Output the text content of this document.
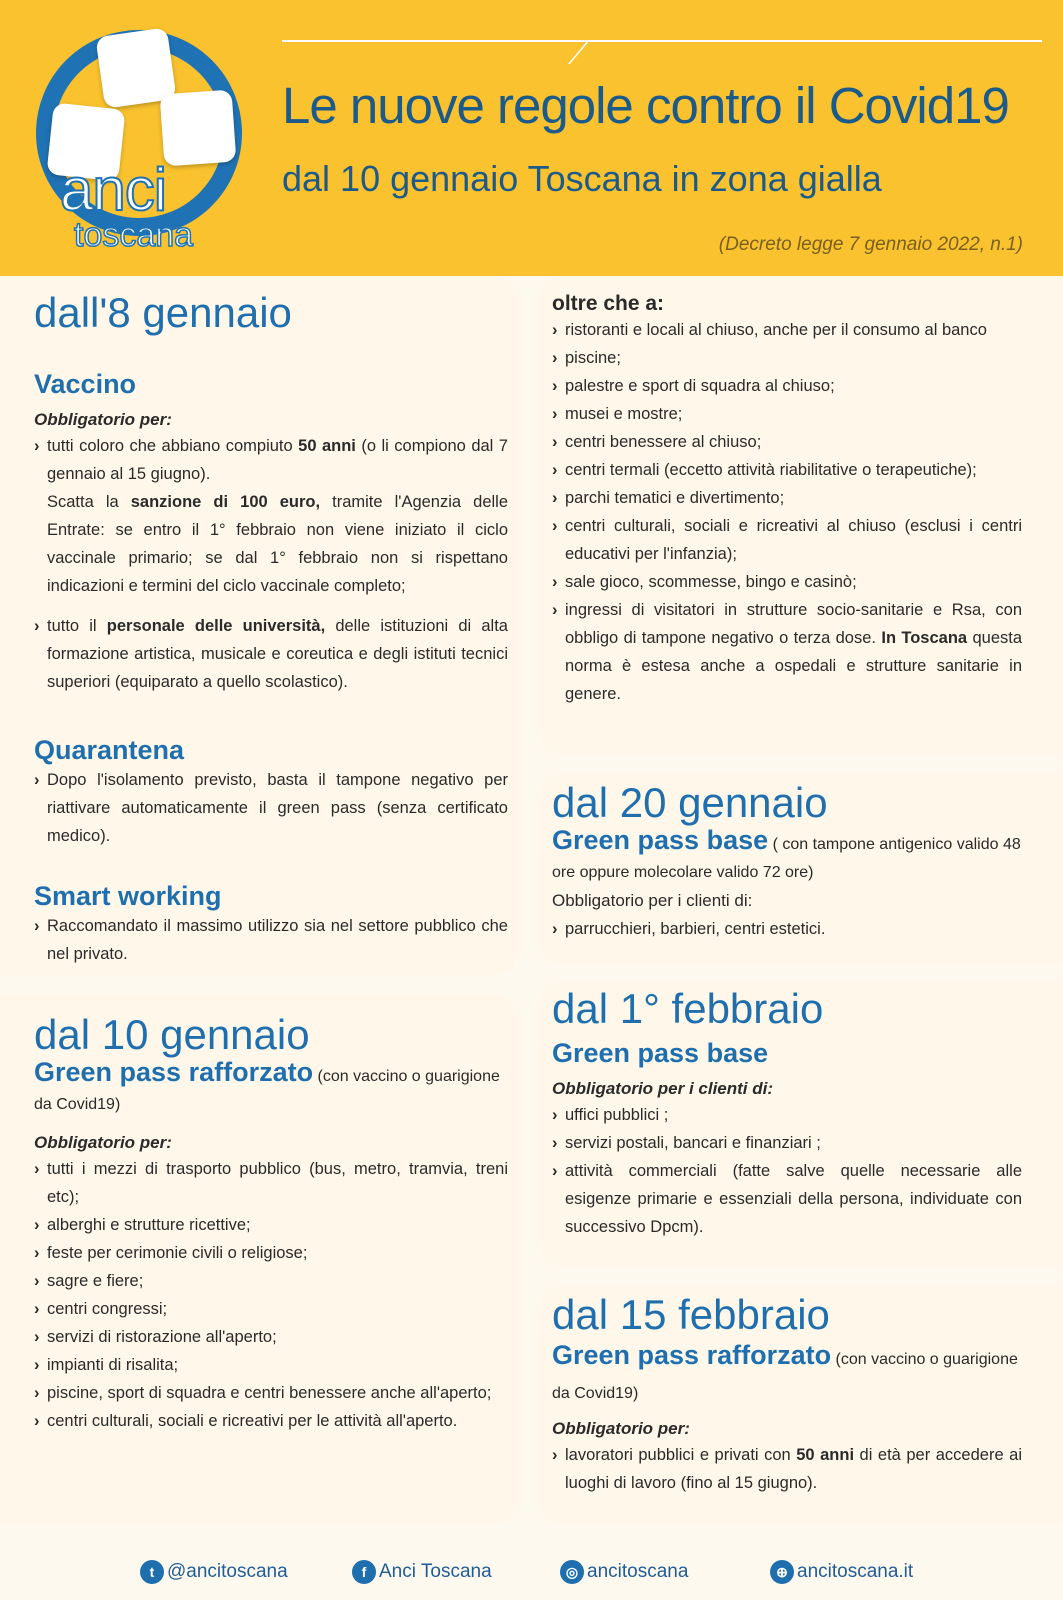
anci
toscana
Le nuove regole contro il Covid19
dal 10 gennaio Toscana in zona gialla
(Decreto legge 7 gennaio 2022, n.1)
dall'8 gennaio
Vaccino
Obbligatorio per:
› tutti coloro che abbiano compiuto 50 anni (o li compiono dal 7 gennaio al 15 giugno).
Scatta la sanzione di 100 euro, tramite l'Agenzia delle Entrate: se entro il 1° febbraio non viene iniziato il ciclo vaccinale primario; se dal 1° febbraio non si rispettano indicazioni e termini del ciclo vaccinale completo;
› tutto il personale delle università, delle istituzioni di alta formazione artistica, musicale e coreutica e degli istituti tecnici superiori (equiparato a quello scolastico).
Quarantena
› Dopo l'isolamento previsto, basta il tampone negativo per riattivare automaticamente il green pass (senza certificato medico).
Smart working
› Raccomandato il massimo utilizzo sia nel settore pubblico che nel privato.
dal 10 gennaio
Green pass rafforzato (con vaccino o guarigione da Covid19)
Obbligatorio per:
› tutti i mezzi di trasporto pubblico (bus, metro, tramvia, treni etc);
› alberghi e strutture ricettive;
› feste per cerimonie civili o religiose;
› sagre e fiere;
› centri congressi;
› servizi di ristorazione all'aperto;
› impianti di risalita;
› piscine, sport di squadra e centri benessere anche all'aperto;
› centri culturali, sociali e ricreativi per le attività all'aperto.
oltre che a:
› ristoranti e locali al chiuso, anche per il consumo al banco
› piscine;
› palestre e sport di squadra al chiuso;
› musei e mostre;
› centri benessere al chiuso;
› centri termali (eccetto attività riabilitative o terapeutiche);
› parchi tematici e divertimento;
› centri culturali, sociali e ricreativi al chiuso (esclusi i centri educativi per l'infanzia);
› sale gioco, scommesse, bingo e casinò;
› ingressi di visitatori in strutture socio-sanitarie e Rsa, con obbligo di tampone negativo o terza dose. In Toscana questa norma è estesa anche a ospedali e strutture sanitarie in genere.
dal 20 gennaio
Green pass base ( con tampone antigenico valido 48 ore oppure molecolare valido 72 ore)
Obbligatorio per i clienti di:
› parrucchieri, barbieri, centri estetici.
dal 1° febbraio
Green pass base
Obbligatorio per i clienti di:
› uffici pubblici ;
› servizi postali, bancari e finanziari ;
› attività commerciali (fatte salve quelle necessarie alle esigenze primarie e essenziali della persona, individuate con successivo Dpcm).
dal 15 febbraio
Green pass rafforzato (con vaccino o guarigione da Covid19)
Obbligatorio per:
› lavoratori pubblici e privati con 50 anni di età per accedere ai luoghi di lavoro (fino al 15 giugno).
t @ancitoscana	f Anci Toscana	◎ ancitoscana	⊕ ancitoscana.it
